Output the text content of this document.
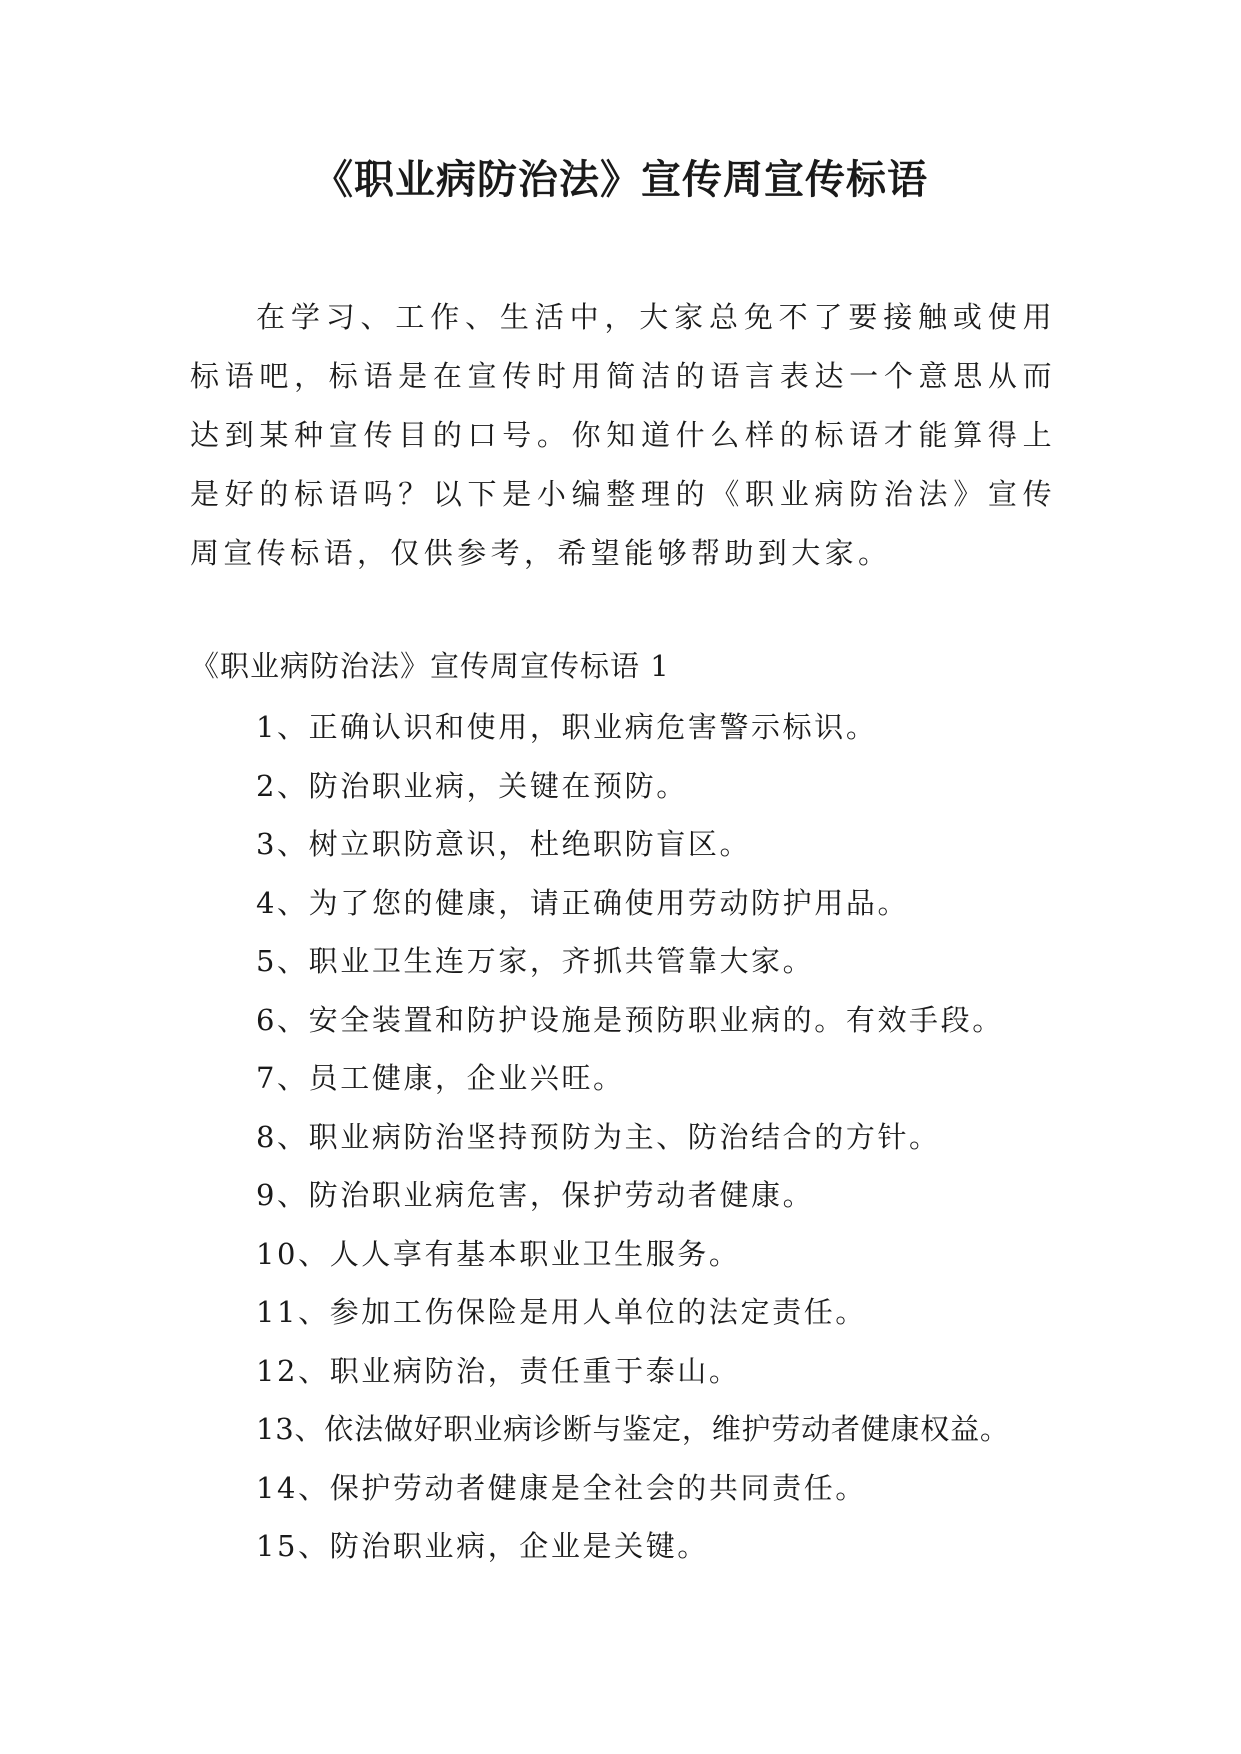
《职业病防治法》宣传周宣传标语

在学习、工作、生活中，大家总免不了要接触或使用标语吧，标语是在宣传时用简洁的语言表达一个意思从而达到某种宣传目的口号。你知道什么样的标语才能算得上是好的标语吗？以下是小编整理的《职业病防治法》宣传周宣传标语，仅供参考，希望能够帮助到大家。

《职业病防治法》宣传周宣传标语 1

1、正确认识和使用，职业病危害警示标识。
2、防治职业病，关键在预防。
3、树立职防意识，杜绝职防盲区。
4、为了您的健康，请正确使用劳动防护用品。
5、职业卫生连万家，齐抓共管靠大家。
6、安全装置和防护设施是预防职业病的。有效手段。
7、员工健康，企业兴旺。
8、职业病防治坚持预防为主、防治结合的方针。
9、防治职业病危害，保护劳动者健康。
10、人人享有基本职业卫生服务。
11、参加工伤保险是用人单位的法定责任。
12、职业病防治，责任重于泰山。
13、依法做好职业病诊断与鉴定，维护劳动者健康权益。
14、保护劳动者健康是全社会的共同责任。
15、防治职业病，企业是关键。
